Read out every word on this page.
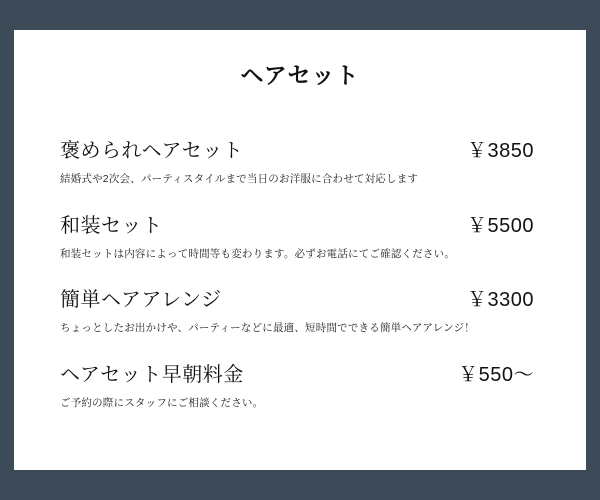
ヘアセット
褒められヘアセット	￥3850
結婚式や2次会、パーティスタイルまで当日のお洋服に合わせて対応します
和装セット	￥5500
和装セットは内容によって時間等も変わります。必ずお電話にてご確認ください。
簡単ヘアアレンジ	￥3300
ちょっとしたお出かけや、パーティーなどに最適、短時間でできる簡単ヘアアレンジ！
ヘアセット早朝料金	￥550〜
ご予約の際にスタッフにご相談ください。
